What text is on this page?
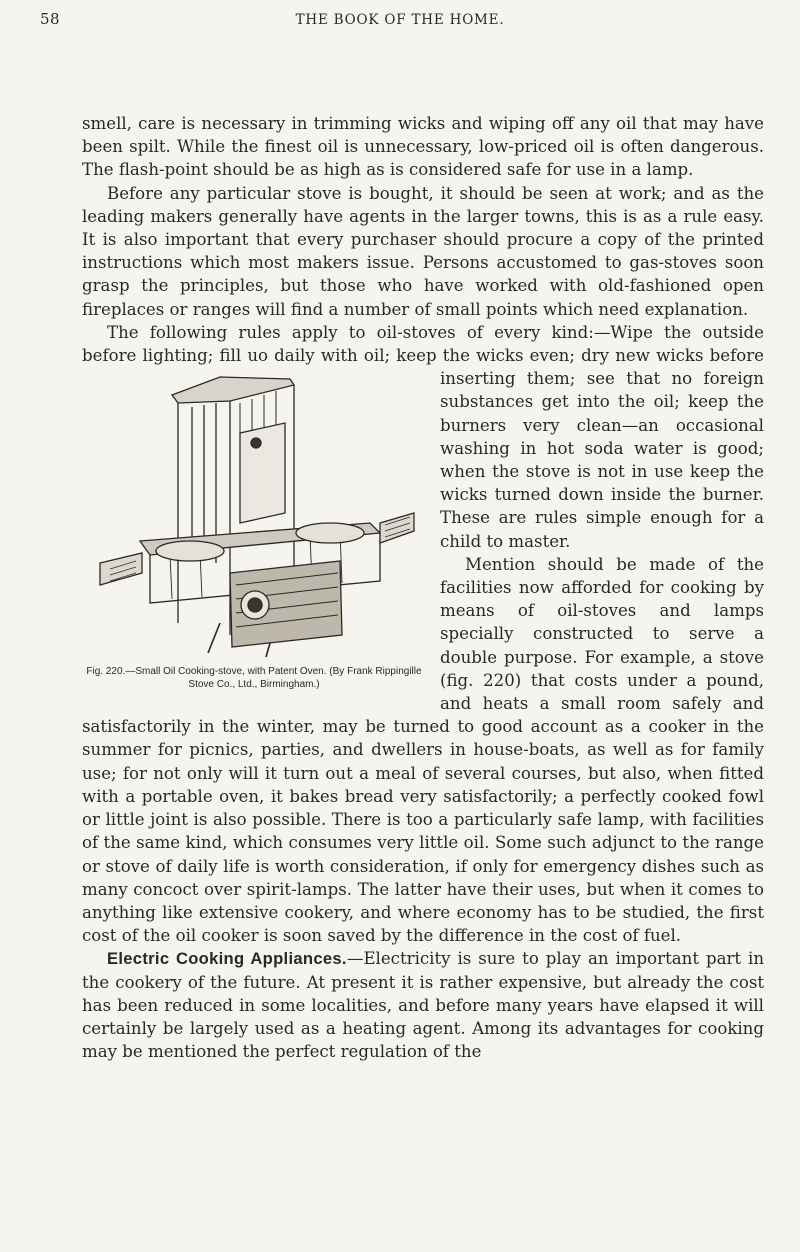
58	THE BOOK OF THE HOME.

smell, care is necessary in trimming wicks and wiping off any oil that may have been spilt. While the finest oil is unnecessary, low-priced oil is often dangerous. The flash-point should be as high as is considered safe for use in a lamp.

Before any particular stove is bought, it should be seen at work; and as the leading makers generally have agents in the larger towns, this is as a rule easy. It is also important that every purchaser should procure a copy of the printed instructions which most makers issue. Persons accustomed to gas-stoves soon grasp the principles, but those who have worked with old-fashioned open fireplaces or ranges will find a number of small points which need explanation.

The following rules apply to oil-stoves of every kind:—Wipe the outside before lighting; fill uo daily with oil; keep the wicks even; dry new wicks
Fig. 220.—Small Oil Cooking-stove, with Patent Oven. (By Frank Rippingille Stove Co., Ltd., Birmingham.)
before inserting them; see that no foreign substances get into the oil; keep the burners very clean—an occasional washing in hot soda water is good; when the stove is not in use keep the wicks turned down inside the burner. These are rules simple enough for a child to master.

Mention should be made of the facilities now afforded for cooking by means of oil-stoves and lamps specially constructed to serve a double purpose. For example, a stove (fig. 220) that costs under a pound, and heats a small room safely and satisfactorily in the winter, may be turned to good account as a cooker in the summer for picnics, parties, and dwellers in house-boats, as well as for family use; for not only will it turn out a meal of several courses, but also, when fitted with a portable oven, it bakes bread very satisfactorily; a perfectly cooked fowl or little joint is also possible. There is too a particularly safe lamp, with facilities of the same kind, which consumes very little oil. Some such adjunct to the range or stove of daily life is worth consideration, if only for emergency dishes such as many concoct over spirit-lamps. The latter have their uses, but when it comes to anything like extensive cookery, and where economy has to be studied, the first cost of the oil cooker is soon saved by the difference in the cost of fuel.

Electric Cooking Appliances.—Electricity is sure to play an important part in the cookery of the future. At present it is rather expensive, but already the cost has been reduced in some localities, and before many years have elapsed it will certainly be largely used as a heating agent. Among its advantages for cooking may be mentioned the perfect regulation of the
